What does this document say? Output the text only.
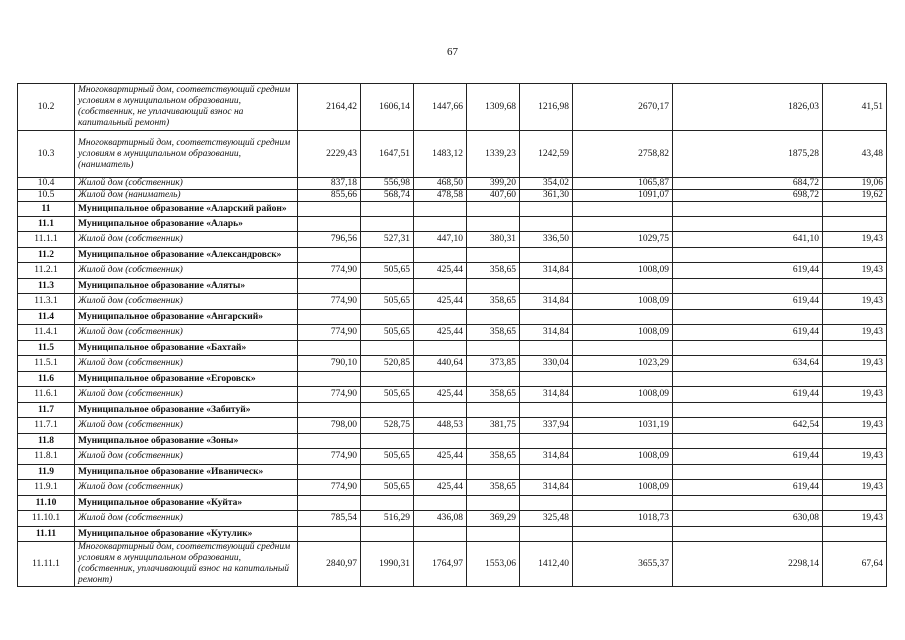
67
10.2	Многоквартирный дом, соответствующий средним условиям в муниципальном образовании, (собственник, не уплачивающий взнос на капитальный ремонт)	2164,42	1606,14	1447,66	1309,68	1216,98	2670,17	1826,03	41,51
10.3	Многоквартирный дом, соответствующий средним условиям в муниципальном образовании, (наниматель)	2229,43	1647,51	1483,12	1339,23	1242,59	2758,82	1875,28	43,48
10.4	Жилой дом (собственник)	837,18	556,98	468,50	399,20	354,02	1065,87	684,72	19,06
10.5	Жилой дом (наниматель)	855,66	568,74	478,58	407,60	361,30	1091,07	698,72	19,62
11	Муниципальное образование «Аларский район»								
11.1	Муниципальное образование «Аларь»								
11.1.1	Жилой дом (собственник)	796,56	527,31	447,10	380,31	336,50	1029,75	641,10	19,43
11.2	Муниципальное образование «Александровск»								
11.2.1	Жилой дом (собственник)	774,90	505,65	425,44	358,65	314,84	1008,09	619,44	19,43
11.3	Муниципальное образование «Аляты»								
11.3.1	Жилой дом (собственник)	774,90	505,65	425,44	358,65	314,84	1008,09	619,44	19,43
11.4	Муниципальное образование «Ангарский»								
11.4.1	Жилой дом (собственник)	774,90	505,65	425,44	358,65	314,84	1008,09	619,44	19,43
11.5	Муниципальное образование «Бахтай»								
11.5.1	Жилой дом (собственник)	790,10	520,85	440,64	373,85	330,04	1023,29	634,64	19,43
11.6	Муниципальное образование «Егоровск»								
11.6.1	Жилой дом (собственник)	774,90	505,65	425,44	358,65	314,84	1008,09	619,44	19,43
11.7	Муниципальное образование «Забитуй»								
11.7.1	Жилой дом (собственник)	798,00	528,75	448,53	381,75	337,94	1031,19	642,54	19,43
11.8	Муниципальное образование «Зоны»								
11.8.1	Жилой дом (собственник)	774,90	505,65	425,44	358,65	314,84	1008,09	619,44	19,43
11.9	Муниципальное образование «Иваническ»								
11.9.1	Жилой дом (собственник)	774,90	505,65	425,44	358,65	314,84	1008,09	619,44	19,43
11.10	Муниципальное образование «Куйта»								
11.10.1	Жилой дом (собственник)	785,54	516,29	436,08	369,29	325,48	1018,73	630,08	19,43
11.11	Муниципальное образование «Кутулик»								
11.11.1	Многоквартирный дом, соответствующий средним условиям в муниципальном образовании, (собственник, уплачивающий взнос на капитальный ремонт)	2840,97	1990,31	1764,97	1553,06	1412,40	3655,37	2298,14	67,64
